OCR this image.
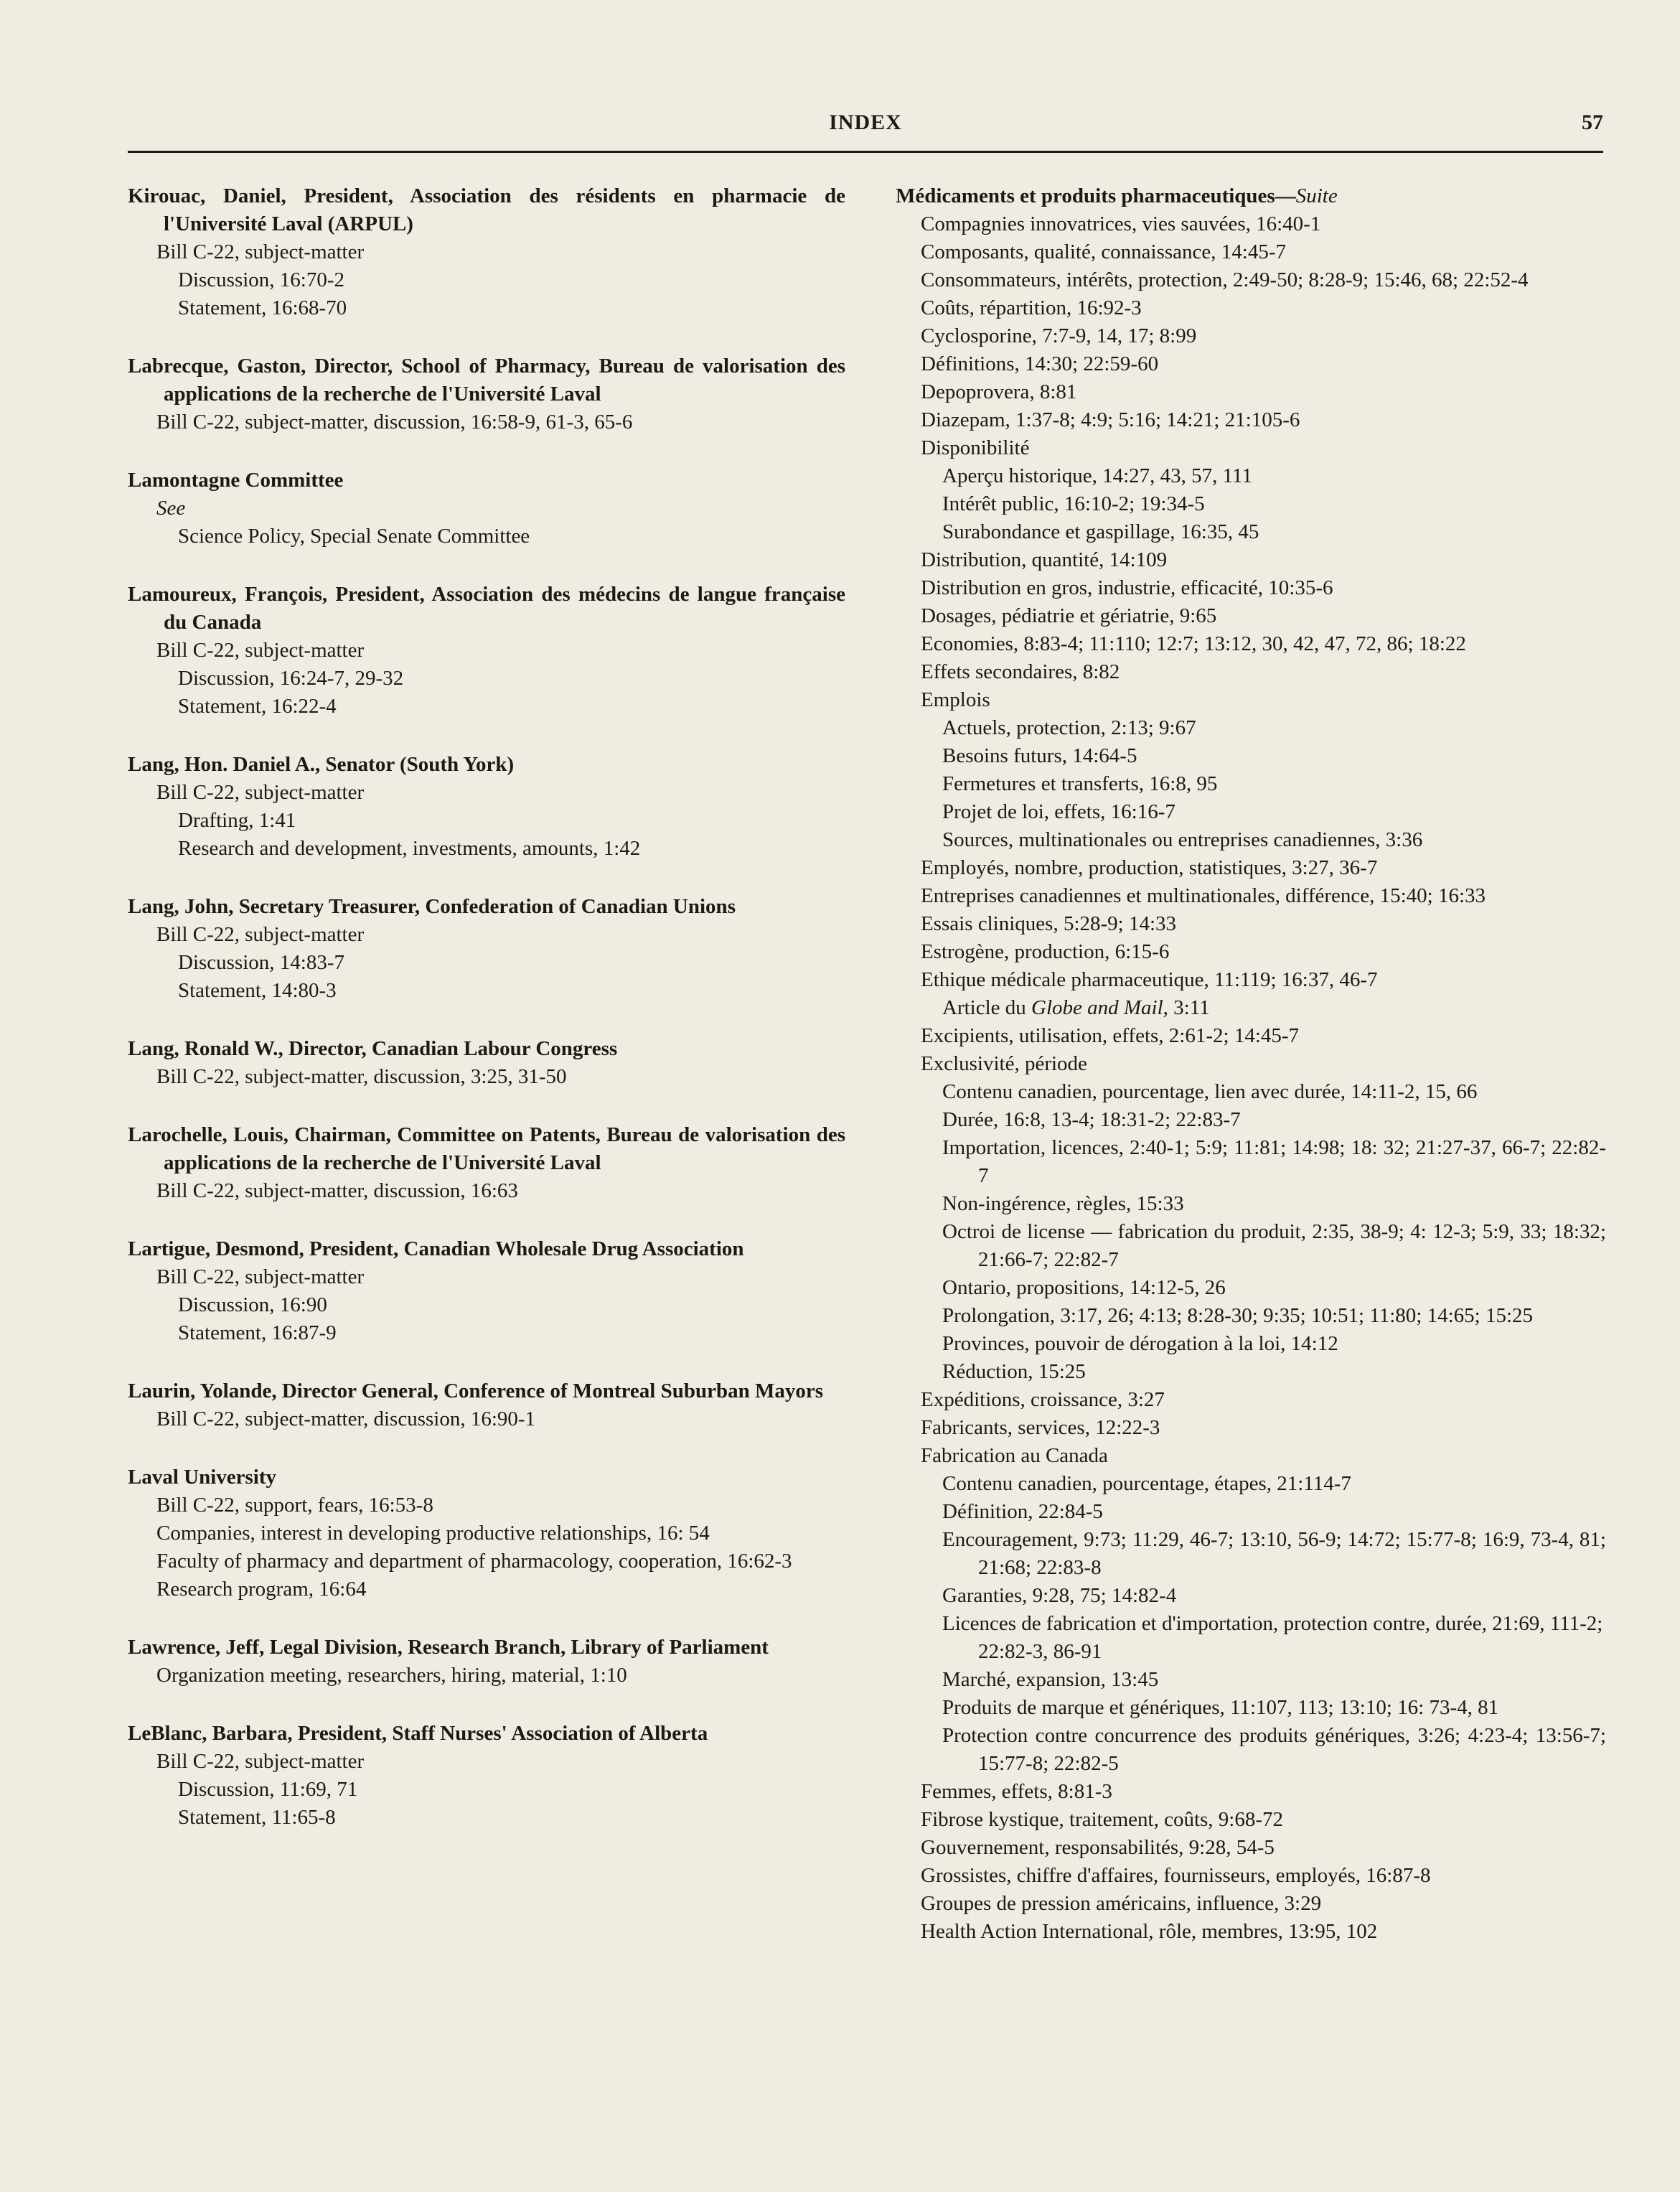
INDEX	57
Kirouac, Daniel, President, Association des résidents en pharmacie de l'Université Laval (ARPUL)
Bill C-22, subject-matter
Discussion, 16:70-2
Statement, 16:68-70
Labrecque, Gaston, Director, School of Pharmacy, Bureau de valorisation des applications de la recherche de l'Université Laval
Bill C-22, subject-matter, discussion, 16:58-9, 61-3, 65-6
Lamontagne Committee
See
Science Policy, Special Senate Committee
Lamoureux, François, President, Association des médecins de langue française du Canada
Bill C-22, subject-matter
Discussion, 16:24-7, 29-32
Statement, 16:22-4
Lang, Hon. Daniel A., Senator (South York)
Bill C-22, subject-matter
Drafting, 1:41
Research and development, investments, amounts, 1:42
Lang, John, Secretary Treasurer, Confederation of Canadian Unions
Bill C-22, subject-matter
Discussion, 14:83-7
Statement, 14:80-3
Lang, Ronald W., Director, Canadian Labour Congress
Bill C-22, subject-matter, discussion, 3:25, 31-50
Larochelle, Louis, Chairman, Committee on Patents, Bureau de valorisation des applications de la recherche de l'Université Laval
Bill C-22, subject-matter, discussion, 16:63
Lartigue, Desmond, President, Canadian Wholesale Drug Association
Bill C-22, subject-matter
Discussion, 16:90
Statement, 16:87-9
Laurin, Yolande, Director General, Conference of Montreal Suburban Mayors
Bill C-22, subject-matter, discussion, 16:90-1
Laval University
Bill C-22, support, fears, 16:53-8
Companies, interest in developing productive relationships, 16: 54
Faculty of pharmacy and department of pharmacology, cooperation, 16:62-3
Research program, 16:64
Lawrence, Jeff, Legal Division, Research Branch, Library of Parliament
Organization meeting, researchers, hiring, material, 1:10
LeBlanc, Barbara, President, Staff Nurses' Association of Alberta
Bill C-22, subject-matter
Discussion, 11:69, 71
Statement, 11:65-8
Médicaments et produits pharmaceutiques—Suite
Compagnies innovatrices, vies sauvées, 16:40-1
Composants, qualité, connaissance, 14:45-7
Consommateurs, intérêts, protection, 2:49-50; 8:28-9; 15:46, 68; 22:52-4
Coûts, répartition, 16:92-3
Cyclosporine, 7:7-9, 14, 17; 8:99
Définitions, 14:30; 22:59-60
Depoprovera, 8:81
Diazepam, 1:37-8; 4:9; 5:16; 14:21; 21:105-6
Disponibilité
Aperçu historique, 14:27, 43, 57, 111
Intérêt public, 16:10-2; 19:34-5
Surabondance et gaspillage, 16:35, 45
Distribution, quantité, 14:109
Distribution en gros, industrie, efficacité, 10:35-6
Dosages, pédiatrie et gériatrie, 9:65
Economies, 8:83-4; 11:110; 12:7; 13:12, 30, 42, 47, 72, 86; 18:22
Effets secondaires, 8:82
Emplois
Actuels, protection, 2:13; 9:67
Besoins futurs, 14:64-5
Fermetures et transferts, 16:8, 95
Projet de loi, effets, 16:16-7
Sources, multinationales ou entreprises canadiennes, 3:36
Employés, nombre, production, statistiques, 3:27, 36-7
Entreprises canadiennes et multinationales, différence, 15:40; 16:33
Essais cliniques, 5:28-9; 14:33
Estrogène, production, 6:15-6
Ethique médicale pharmaceutique, 11:119; 16:37, 46-7
Article du Globe and Mail, 3:11
Excipients, utilisation, effets, 2:61-2; 14:45-7
Exclusivité, période
Contenu canadien, pourcentage, lien avec durée, 14:11-2, 15, 66
Durée, 16:8, 13-4; 18:31-2; 22:83-7
Importation, licences, 2:40-1; 5:9; 11:81; 14:98; 18: 32; 21:27-37, 66-7; 22:82-7
Non-ingérence, règles, 15:33
Octroi de license — fabrication du produit, 2:35, 38-9; 4: 12-3; 5:9, 33; 18:32; 21:66-7; 22:82-7
Ontario, propositions, 14:12-5, 26
Prolongation, 3:17, 26; 4:13; 8:28-30; 9:35; 10:51; 11:80; 14:65; 15:25
Provinces, pouvoir de dérogation à la loi, 14:12
Réduction, 15:25
Expéditions, croissance, 3:27
Fabricants, services, 12:22-3
Fabrication au Canada
Contenu canadien, pourcentage, étapes, 21:114-7
Définition, 22:84-5
Encouragement, 9:73; 11:29, 46-7; 13:10, 56-9; 14:72; 15:77-8; 16:9, 73-4, 81; 21:68; 22:83-8
Garanties, 9:28, 75; 14:82-4
Licences de fabrication et d'importation, protection contre, durée, 21:69, 111-2; 22:82-3, 86-91
Marché, expansion, 13:45
Produits de marque et génériques, 11:107, 113; 13:10; 16: 73-4, 81
Protection contre concurrence des produits génériques, 3:26; 4:23-4; 13:56-7; 15:77-8; 22:82-5
Femmes, effets, 8:81-3
Fibrose kystique, traitement, coûts, 9:68-72
Gouvernement, responsabilités, 9:28, 54-5
Grossistes, chiffre d'affaires, fournisseurs, employés, 16:87-8
Groupes de pression américains, influence, 3:29
Health Action International, rôle, membres, 13:95, 102
